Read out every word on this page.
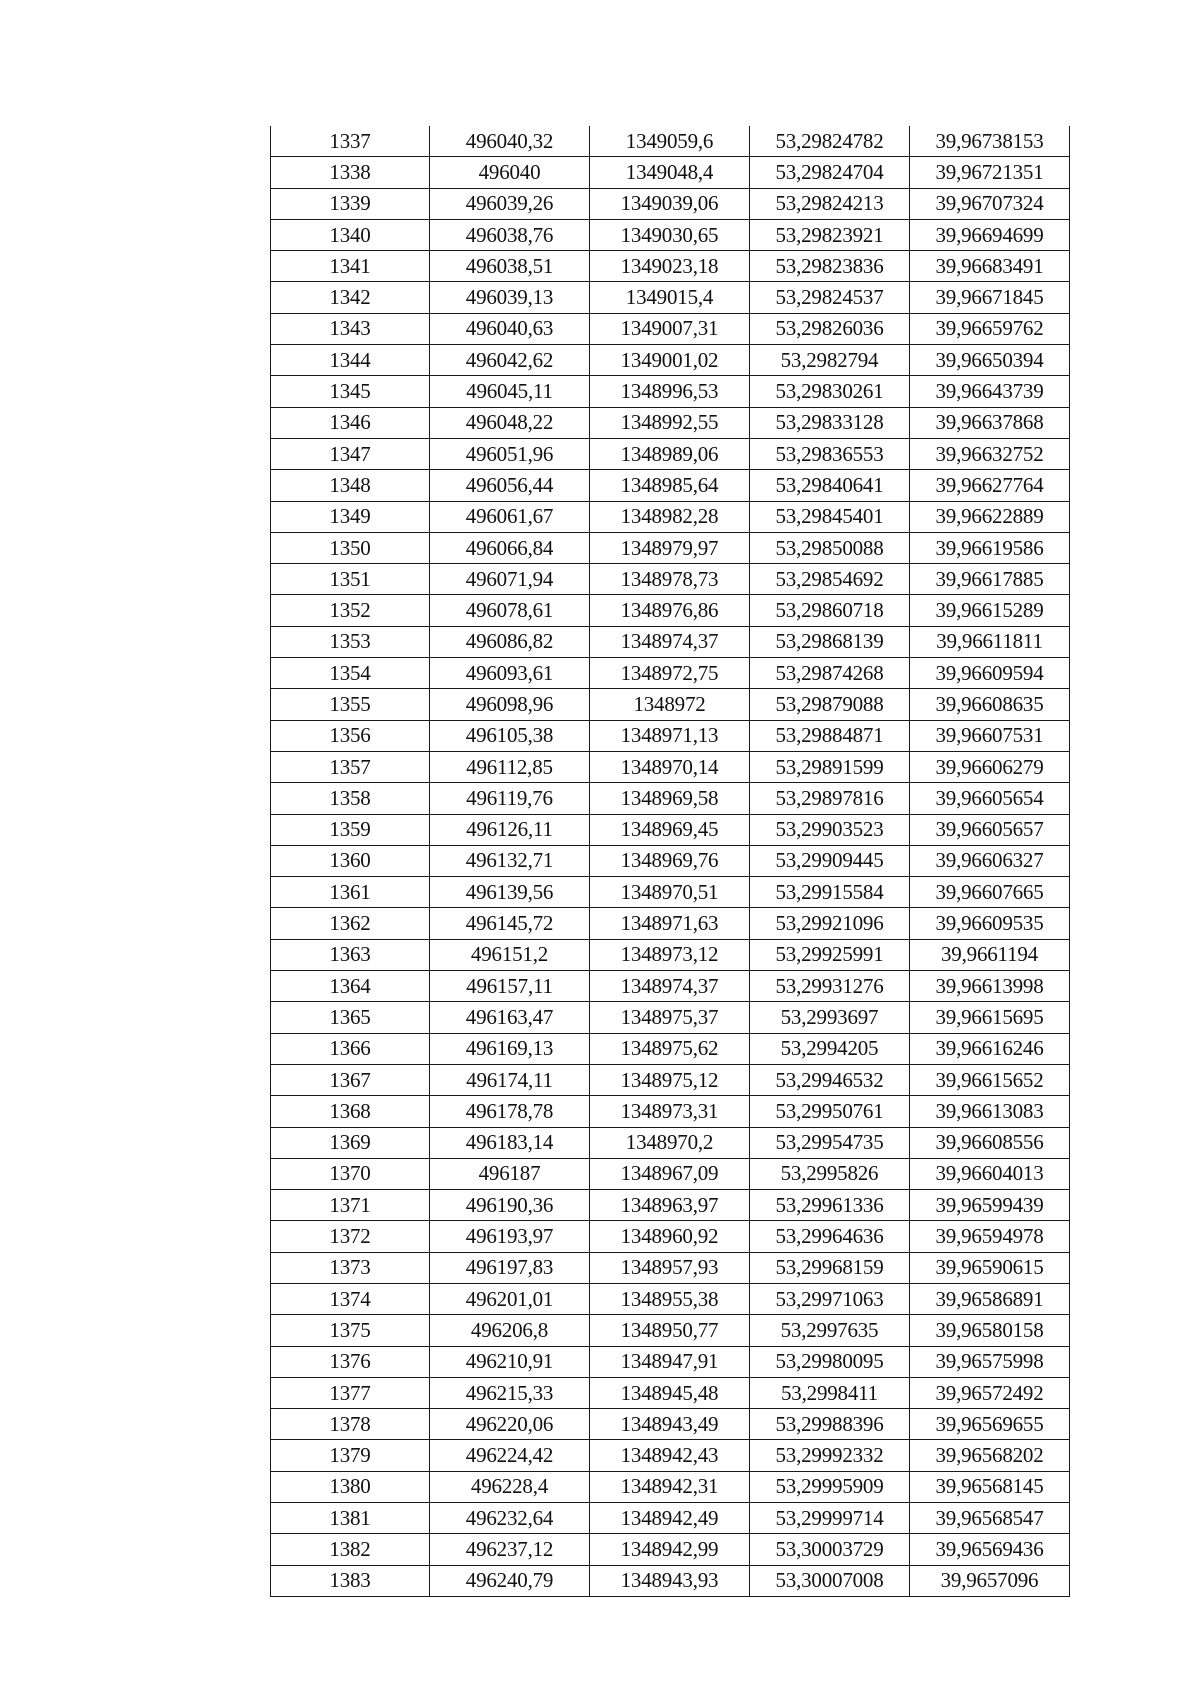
1337	496040,32	1349059,6	53,29824782	39,96738153
1338	496040	1349048,4	53,29824704	39,96721351
1339	496039,26	1349039,06	53,29824213	39,96707324
1340	496038,76	1349030,65	53,29823921	39,96694699
1341	496038,51	1349023,18	53,29823836	39,96683491
1342	496039,13	1349015,4	53,29824537	39,96671845
1343	496040,63	1349007,31	53,29826036	39,96659762
1344	496042,62	1349001,02	53,2982794	39,96650394
1345	496045,11	1348996,53	53,29830261	39,96643739
1346	496048,22	1348992,55	53,29833128	39,96637868
1347	496051,96	1348989,06	53,29836553	39,96632752
1348	496056,44	1348985,64	53,29840641	39,96627764
1349	496061,67	1348982,28	53,29845401	39,96622889
1350	496066,84	1348979,97	53,29850088	39,96619586
1351	496071,94	1348978,73	53,29854692	39,96617885
1352	496078,61	1348976,86	53,29860718	39,96615289
1353	496086,82	1348974,37	53,29868139	39,96611811
1354	496093,61	1348972,75	53,29874268	39,96609594
1355	496098,96	1348972	53,29879088	39,96608635
1356	496105,38	1348971,13	53,29884871	39,96607531
1357	496112,85	1348970,14	53,29891599	39,96606279
1358	496119,76	1348969,58	53,29897816	39,96605654
1359	496126,11	1348969,45	53,29903523	39,96605657
1360	496132,71	1348969,76	53,29909445	39,96606327
1361	496139,56	1348970,51	53,29915584	39,96607665
1362	496145,72	1348971,63	53,29921096	39,96609535
1363	496151,2	1348973,12	53,29925991	39,9661194
1364	496157,11	1348974,37	53,29931276	39,96613998
1365	496163,47	1348975,37	53,2993697	39,96615695
1366	496169,13	1348975,62	53,2994205	39,96616246
1367	496174,11	1348975,12	53,29946532	39,96615652
1368	496178,78	1348973,31	53,29950761	39,96613083
1369	496183,14	1348970,2	53,29954735	39,96608556
1370	496187	1348967,09	53,2995826	39,96604013
1371	496190,36	1348963,97	53,29961336	39,96599439
1372	496193,97	1348960,92	53,29964636	39,96594978
1373	496197,83	1348957,93	53,29968159	39,96590615
1374	496201,01	1348955,38	53,29971063	39,96586891
1375	496206,8	1348950,77	53,2997635	39,96580158
1376	496210,91	1348947,91	53,29980095	39,96575998
1377	496215,33	1348945,48	53,2998411	39,96572492
1378	496220,06	1348943,49	53,29988396	39,96569655
1379	496224,42	1348942,43	53,29992332	39,96568202
1380	496228,4	1348942,31	53,29995909	39,96568145
1381	496232,64	1348942,49	53,29999714	39,96568547
1382	496237,12	1348942,99	53,30003729	39,96569436
1383	496240,79	1348943,93	53,30007008	39,9657096
